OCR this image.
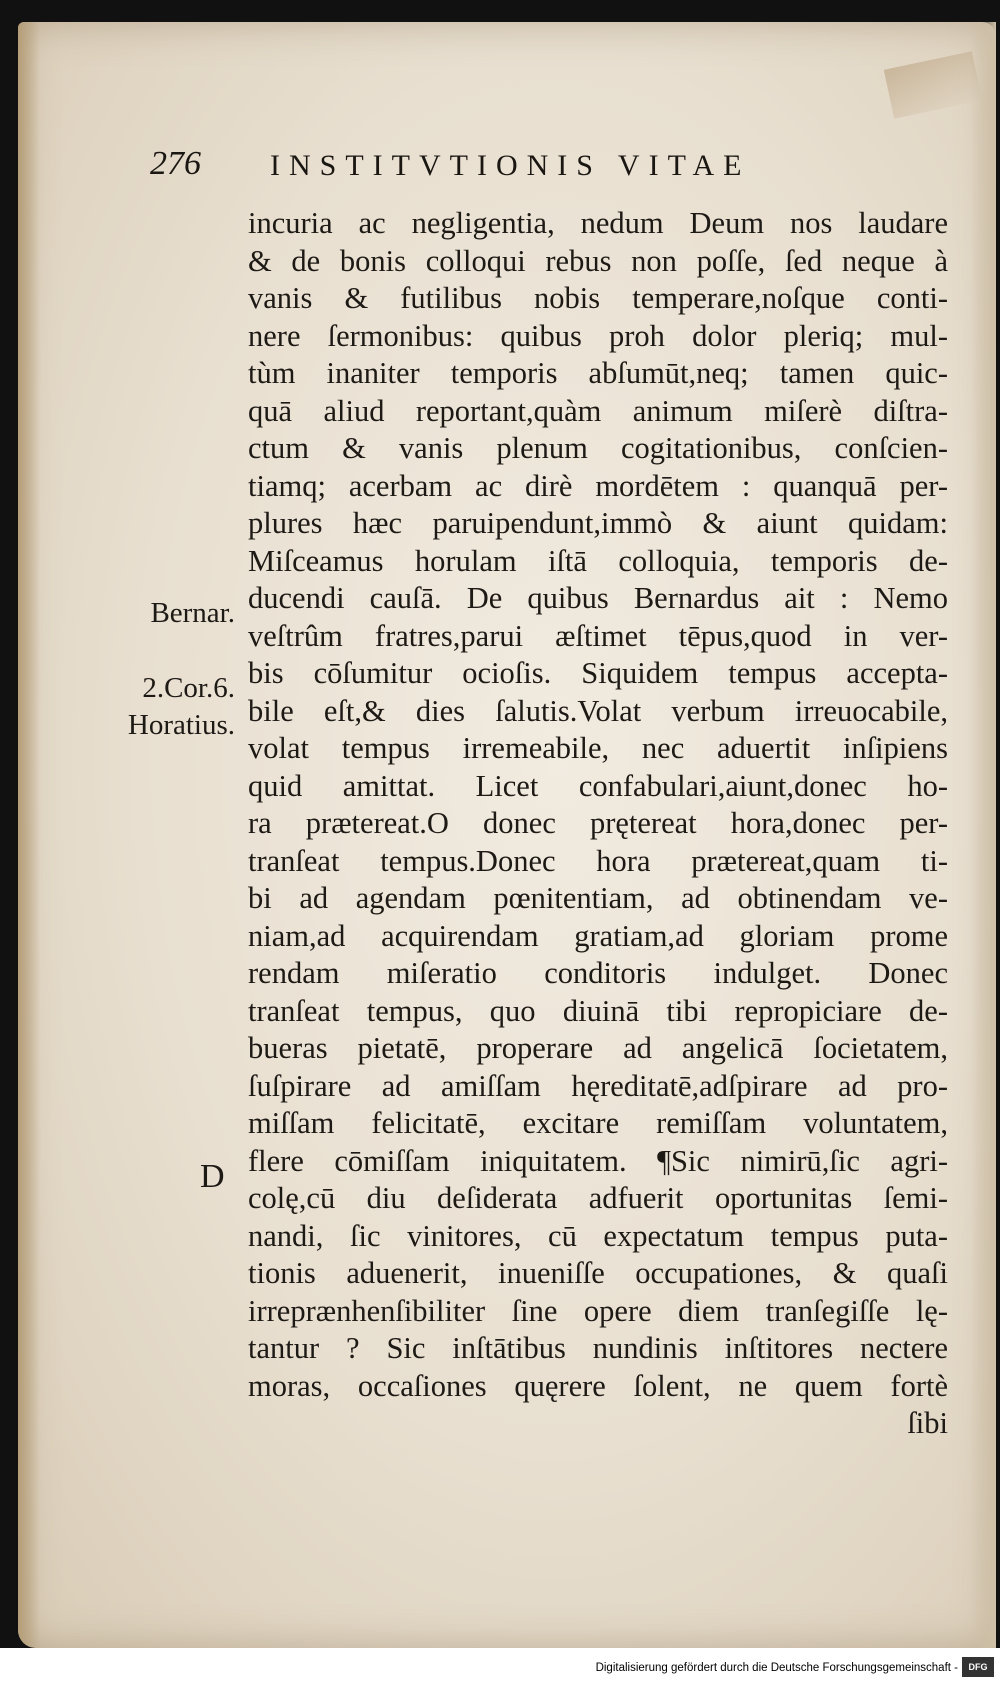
276 INSTITVTIONIS VITAE
incuria ac negligentia, nedum Deum nos laudare
& de bonis colloqui rebus non poſſe, ſed neque à
vanis & futilibus nobis temperare,noſque conti-
nere ſermonibus: quibus proh dolor pleriq; mul-
tùm inaniter temporis abſumūt,neq; tamen quic-
quā aliud reportant,quàm animum miſerè diſtra-
ctum & vanis plenum cogitationibus, conſcien-
tiamq; acerbam ac dirè mordētem : quanquā per-
plures hæc paruipendunt,immò & aiunt quidam:
Miſceamus horulam iſtā colloquia, temporis de-
ducendi cauſā. De quibus Bernardus ait : Nemo
veſtrûm fratres,parui æſtimet tēpus,quod in ver-
bis cōſumitur ocioſis. Siquidem tempus accepta-
bile eſt,& dies ſalutis.Volat verbum irreuocabile,
volat tempus irremeabile, nec aduertit inſipiens
quid amittat. Licet confabulari,aiunt,donec ho-
ra prætereat.O donec prętereat hora,donec per-
tranſeat tempus.Donec hora prætereat,quam ti-
bi ad agendam pœnitentiam, ad obtinendam ve-
niam,ad acquirendam gratiam,ad gloriam prome
rendam miſeratio conditoris indulget. Donec
tranſeat tempus, quo diuinā tibi repropiciare de-
bueras pietatē, properare ad angelicā ſocietatem,
ſuſpirare ad amiſſam hęreditatē,adſpirare ad pro-
miſſam felicitatē, excitare remiſſam voluntatem,
flere cōmiſſam iniquitatem. ¶Sic nimirū,ſic agri-
colę,cū diu deſiderata adfuerit oportunitas ſemi-
nandi, ſic vinitores, cū expectatum tempus puta-
tionis aduenerit, inueniſſe occupationes, & quaſi
irreprænhenſibiliter ſine opere diem tranſegiſſe lę-
tantur ? Sic inſtātibus nundinis inſtitores nectere
moras, occaſiones quęrere ſolent, ne quem fortè
ſibi
Bernar.
2.Cor.6.
Horatius.
D
Digitalisierung gefördert durch die Deutsche Forschungsgemeinschaft -	DFG
